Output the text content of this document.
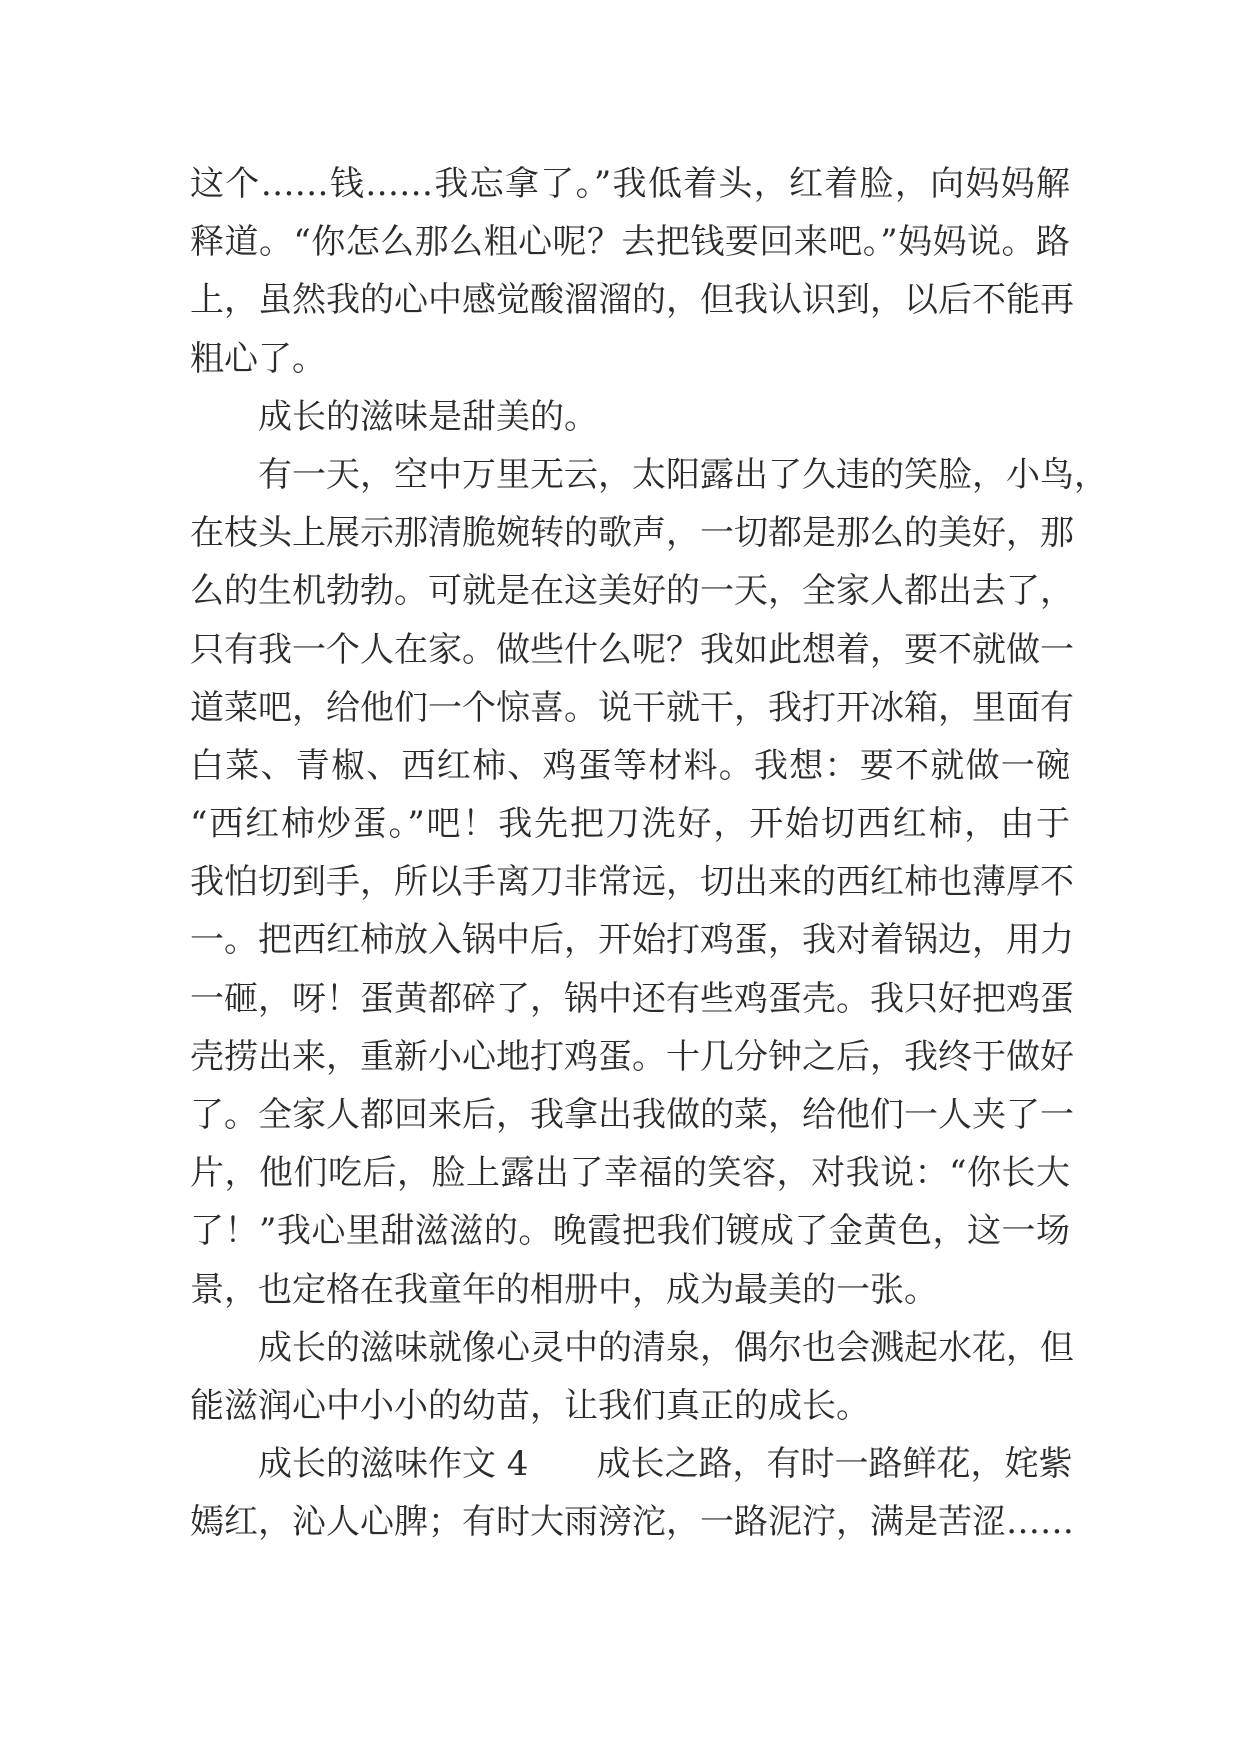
这个……钱……我忘拿了。”我低着头，红着脸，向妈妈解
释道。“你怎么那么粗心呢？去把钱要回来吧。”妈妈说。路
上，虽然我的心中感觉酸溜溜的，但我认识到，以后不能再
粗心了。
成长的滋味是甜美的。
有一天，空中万里无云，太阳露出了久违的笑脸，小鸟，
在枝头上展示那清脆婉转的歌声，一切都是那么的美好，那
么的生机勃勃。可就是在这美好的一天，全家人都出去了，
只有我一个人在家。做些什么呢？我如此想着，要不就做一
道菜吧，给他们一个惊喜。说干就干，我打开冰箱，里面有
白菜、青椒、西红柿、鸡蛋等材料。我想：要不就做一碗
“西红柿炒蛋。”吧！我先把刀洗好，开始切西红柿，由于
我怕切到手，所以手离刀非常远，切出来的西红柿也薄厚不
一。把西红柿放入锅中后，开始打鸡蛋，我对着锅边，用力
一砸，呀！蛋黄都碎了，锅中还有些鸡蛋壳。我只好把鸡蛋
壳捞出来，重新小心地打鸡蛋。十几分钟之后，我终于做好
了。全家人都回来后，我拿出我做的菜，给他们一人夹了一
片，他们吃后，脸上露出了幸福的笑容，对我说：“你长大
了！”我心里甜滋滋的。晚霞把我们镀成了金黄色，这一场
景，也定格在我童年的相册中，成为最美的一张。
成长的滋味就像心灵中的清泉，偶尔也会溅起水花，但
能滋润心中小小的幼苗，让我们真正的成长。
成长的滋味作文 4　　成长之路，有时一路鲜花，姹紫
嫣红，沁人心脾；有时大雨滂沱，一路泥泞，满是苦涩……
